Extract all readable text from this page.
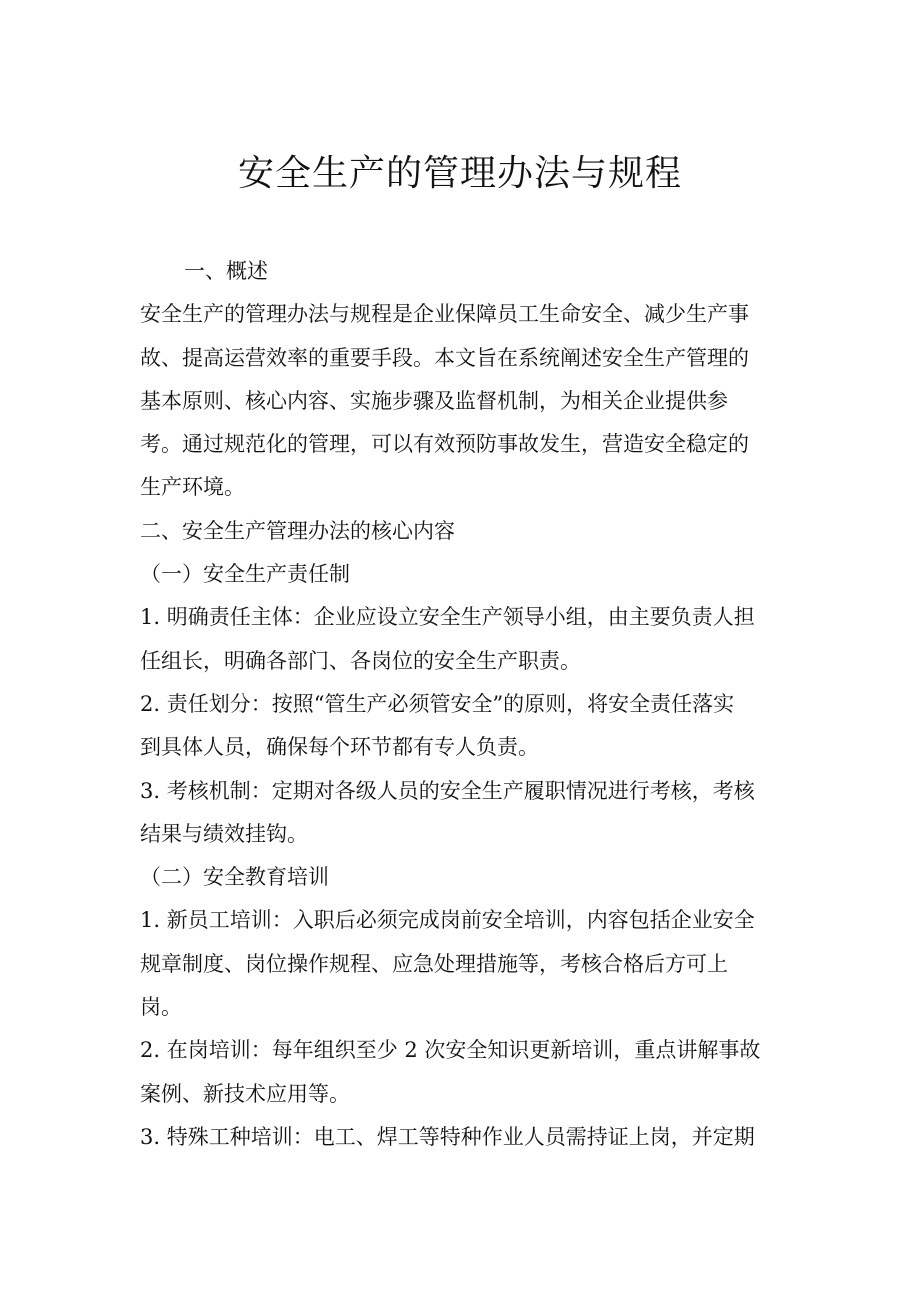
安全生产的管理办法与规程

一、概述

安全生产的管理办法与规程是企业保障员工生命安全、减少生产事

故、提高运营效率的重要手段。本文旨在系统阐述安全生产管理的

基本原则、核心内容、实施步骤及监督机制，为相关企业提供参

考。通过规范化的管理，可以有效预防事故发生，营造安全稳定的

生产环境。

二、安全生产管理办法的核心内容

（一）安全生产责任制

1. 明确责任主体：企业应设立安全生产领导小组，由主要负责人担

任组长，明确各部门、各岗位的安全生产职责。

2. 责任划分：按照“管生产必须管安全”的原则，将安全责任落实

到具体人员，确保每个环节都有专人负责。

3. 考核机制：定期对各级人员的安全生产履职情况进行考核，考核

结果与绩效挂钩。

（二）安全教育培训

1. 新员工培训：入职后必须完成岗前安全培训，内容包括企业安全

规章制度、岗位操作规程、应急处理措施等，考核合格后方可上

岗。

2. 在岗培训：每年组织至少 2 次安全知识更新培训，重点讲解事故

案例、新技术应用等。

3. 特殊工种培训：电工、焊工等特种作业人员需持证上岗，并定期
